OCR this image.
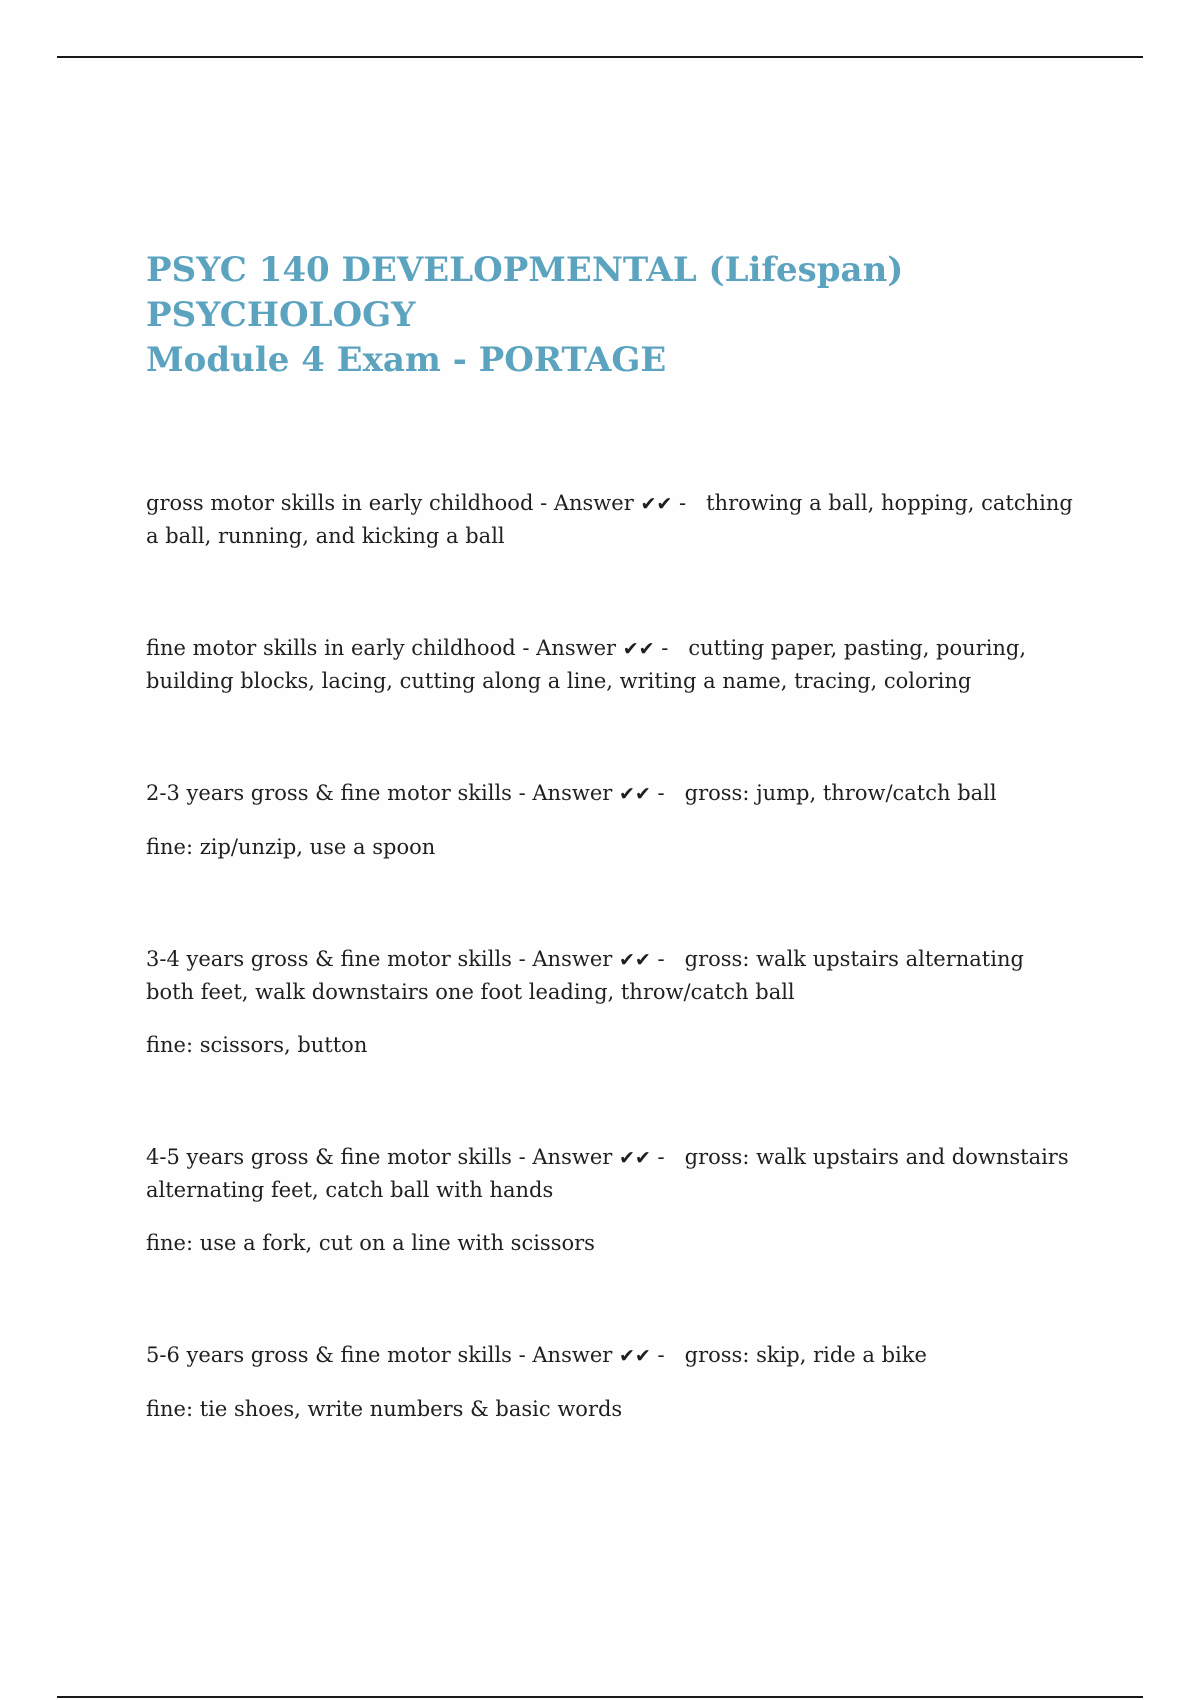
PSYC 140 DEVELOPMENTAL (Lifespan) PSYCHOLOGY
Module 4 Exam - PORTAGE

gross motor skills in early childhood - Answer ✔✔ - throwing a ball, hopping, catching a ball, running, and kicking a ball

fine motor skills in early childhood - Answer ✔✔ - cutting paper, pasting, pouring, building blocks, lacing, cutting along a line, writing a name, tracing, coloring

2-3 years gross & fine motor skills - Answer ✔✔ - gross: jump, throw/catch ball

fine: zip/unzip, use a spoon

3-4 years gross & fine motor skills - Answer ✔✔ - gross: walk upstairs alternating both feet, walk downstairs one foot leading, throw/catch ball

fine: scissors, button

4-5 years gross & fine motor skills - Answer ✔✔ - gross: walk upstairs and downstairs alternating feet, catch ball with hands

fine: use a fork, cut on a line with scissors

5-6 years gross & fine motor skills - Answer ✔✔ - gross: skip, ride a bike

fine: tie shoes, write numbers & basic words
